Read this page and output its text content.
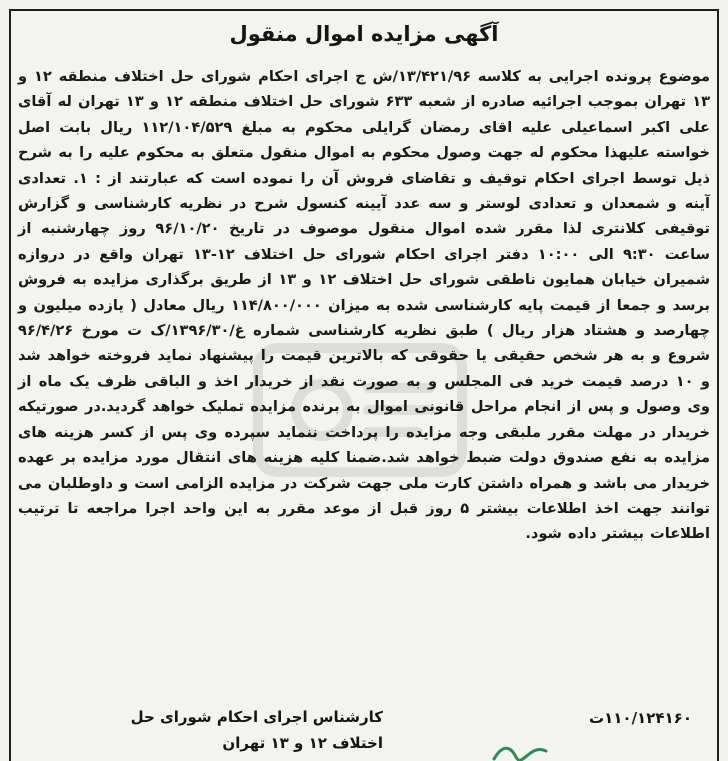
آگهی مزایده اموال منقول
موضوع پرونده اجرایی به کلاسه ۱۳/۴۲۱/۹۶/ش ج اجرای احکام شورای حل اختلاف منطقه ۱۲ و ۱۳ تهران بموجب اجرائیه صادره از شعبه ۶۳۳ شورای حل اختلاف منطقه ۱۲ و ۱۳ تهران له آقای علی اکبر اسماعیلی علیه اقای رمضان گرایلی محکوم به مبلغ ۱۱۲/۱۰۴/۵۲۹ ریال بابت اصل خواسته علیهذا محکوم له جهت وصول محکوم به اموال منقول متعلق به محکوم علیه را به شرح ذیل توسط اجرای احکام توقیف و تقاضای فروش آن را نموده است که عبارتند از : ۱. تعدادی آینه و شمعدان و تعدادی لوستر و سه عدد آیینه کنسول شرح در نظریه کارشناسی و گزارش توقیفی کلانتری لذا مقرر شده اموال منقول موصوف در تاریخ ۹۶/۱۰/۲۰ روز چهارشنبه از ساعت ۹:۳۰ الی ۱۰:۰۰ دفتر اجرای احکام شورای حل اختلاف ۱۲-۱۳ تهران واقع در دروازه شمیران خیابان همایون ناطقی شورای حل اختلاف ۱۲ و ۱۳ از طریق برگذاری مزایده به فروش برسد و جمعا از قیمت پایه کارشناسی شده به میزان ۱۱۴/۸۰۰/۰۰۰ ریال معادل ( یازده میلیون و چهارصد و هشتاد هزار ریال ) طبق نظریه کارشناسی شماره غ/۱۳۹۶/۳۰/ک ت مورخ ۹۶/۴/۲۶ شروع و به هر شخص حقیقی یا حقوقی که بالاترین قیمت را پیشنهاد نماید فروخته خواهد شد و ۱۰ درصد قیمت خرید فی المجلس و به صورت نقد از خریدار اخذ و الباقی ظرف یک ماه از وی وصول و پس از انجام مراحل قانونی اموال به برنده مزایده تملیک خواهد گردید.در صورتیکه خریدار در مهلت مقرر ملبقی وجه مزایده را پرداخت ننماید سپرده وی پس از کسر هزینه های مزایده به نفع صندوق دولت ضبط خواهد شد.ضمنا کلیه هزینه های انتقال مورد مزایده بر عهده خریدار می باشد و همراه داشتن کارت ملی جهت شرکت در مزایده الزامی است و داوطلبان می توانند جهت اخذ اطلاعات بیشتر ۵ روز قبل از موعد مقرر به این واحد اجرا مراجعه تا ترتیب اطلاعات بیشتر داده شود.
۱۱۰/۱۲۴۱۶۰ت
کارشناس اجرای احکام شورای حل
اختلاف ۱۲ و ۱۳ تهران
